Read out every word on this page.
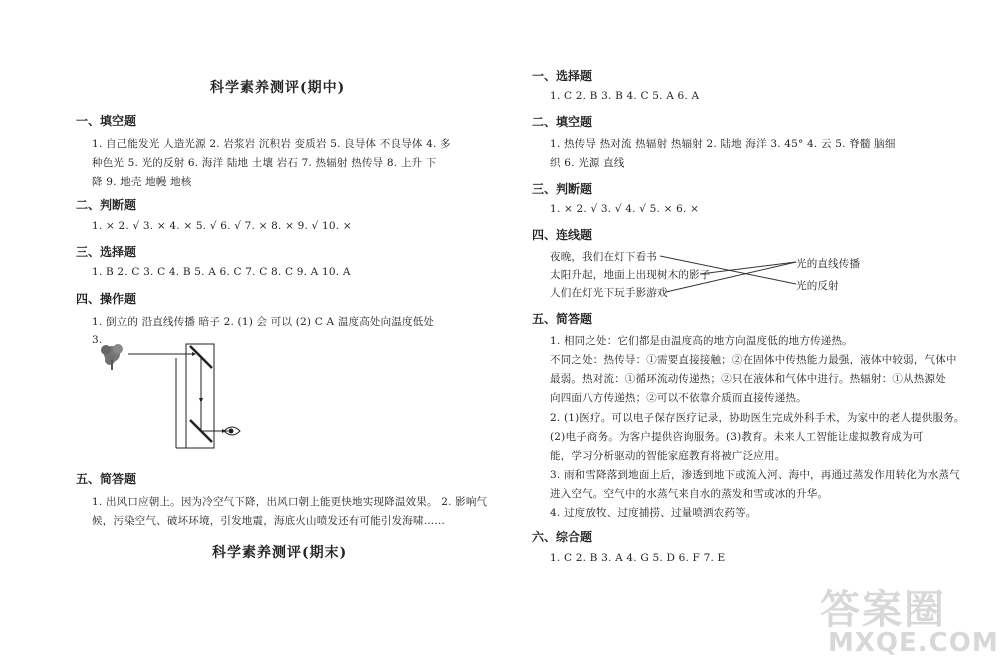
科学素养测评(期中)
一、填空题
1. 自己能发光 人造光源 2. 岩浆岩 沉积岩 变质岩 5. 良导体 不良导体 4. 多
种色光 5. 光的反射 6. 海洋 陆地 土壤 岩石 7. 热辐射 热传导 8. 上升 下
降 9. 地壳 地幔 地核
二、判断题
1. × 2. √ 3. × 4. × 5. √ 6. √ 7. × 8. × 9. √ 10. ×
三、选择题
1. B 2. C 3. C 4. B 5. A 6. C 7. C 8. C 9. A 10. A
四、操作题
1. 倒立的 沿直线传播 暗子 2. (1) 会 可以 (2) C A 温度高处向温度低处
3.
五、简答题
1. 出风口应朝上。因为冷空气下降，出风口朝上能更快地实现降温效果。 2. 影响气
候，污染空气、破坏环境，引发地震，海底火山喷发还有可能引发海啸……
科学素养测评(期末)
一、选择题
1. C 2. B 3. B 4. C 5. A 6. A
二、填空题
1. 热传导 热对流 热辐射 热辐射 2. 陆地 海洋 3. 45° 4. 云 5. 脊髓 脑细
织 6. 光源 直线
三、判断题
1. × 2. √ 3. √ 4. √ 5. × 6. ×
四、连线题
夜晚，我们在灯下看书
太阳升起，地面上出现树木的影子
人们在灯光下玩手影游戏
光的直线传播
光的反射
五、简答题
1. 相同之处：它们都是由温度高的地方向温度低的地方传递热。
不同之处：热传导：①需要直接接触；②在固体中传热能力最强，液体中较弱，气体中
最弱。热对流：①循环流动传递热；②只在液体和气体中进行。热辐射：①从热源处
向四面八方传递热；②可以不依靠介质而直接传递热。
2. (1)医疗。可以电子保存医疗记录，协助医生完成外科手术，为家中的老人提供服务。
(2)电子商务。为客户提供咨询服务。(3)教育。未来人工智能让虚拟教育成为可
能，学习分析驱动的智能家庭教育将被广泛应用。
3. 雨和雪降落到地面上后，渗透到地下或流入河、海中，再通过蒸发作用转化为水蒸气
进入空气。空气中的水蒸气来自水的蒸发和雪或冰的升华。
4. 过度放牧、过度捕捞、过量喷洒农药等。
六、综合题
1. C 2. B 3. A 4. G 5. D 6. F 7. E
答案圈
MXQE.COM
